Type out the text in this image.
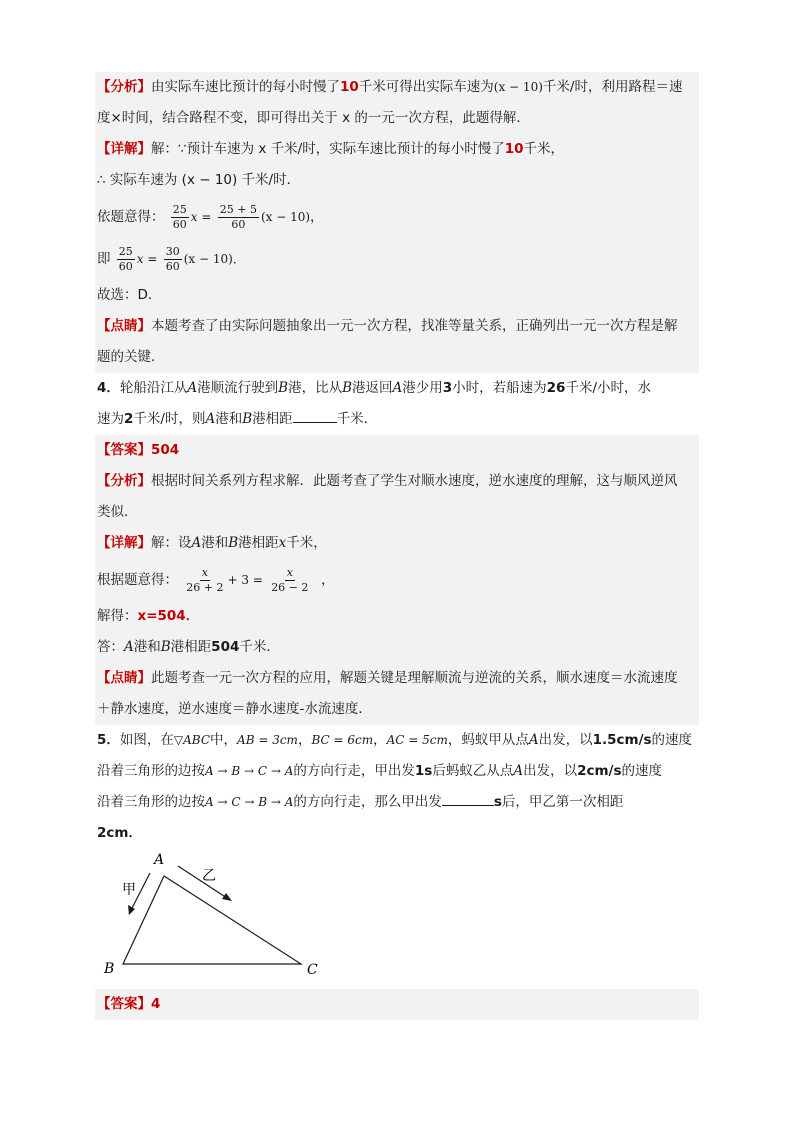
【分析】由实际车速比预计的每小时慢了10千米可得出实际车速为(x − 10)千米/时，利用路程＝速
度×时间，结合路程不变，即可得出关于 x 的一元一次方程，此题得解．
【详解】解：∵预计车速为 x 千米/时，实际车速比预计的每小时慢了10千米，
∴ 实际车速为 (x − 10) 千米/时．
依题意得： $\frac{25}{60}$ $x = \frac{25 + 5}{60} (x - 10)$，
即 $\frac{25}{60}$ $x = \frac{30}{60} (x - 10)$．
故选：D．
【点睛】本题考查了由实际问题抽象出一元一次方程，找准等量关系，正确列出一元一次方程是解
题的关键．
4．轮船沿江从A港顺流行驶到B港，比从B港返回A港少用3小时，若船速为26千米/小时，水
速为2千米/时，则A港和B港相距	千米．
【答案】504
【分析】根据时间关系列方程求解．此题考查了学生对顺水速度，逆水速度的理解，这与顺风逆风
类似．
【详解】解：设A港和B港相距x千米，
根据题意得： $\frac{x}{26 + 2} + 3 = \frac{x}{26 - 2}$ ，
解得：x=504．
答：A港和B港相距504千米．
【点睛】此题考查一元一次方程的应用，解题关键是理解顺流与逆流的关系，顺水速度＝水流速度
＋静水速度，逆水速度＝静水速度-水流速度．
5．如图，在▽ABC中，AB = 3cm，BC = 6cm，AC = 5cm，蚂蚁甲从点A出发，以1.5cm/s的速度
沿着三角形的边按A → B → C → A的方向行走，甲出发1s后蚂蚁乙从点A出发，以2cm/s的速度
沿着三角形的边按A → C → B → A的方向行走，那么甲出发	s后，甲乙第一次相距
2cm．
A
B	C
甲
乙
【答案】4
